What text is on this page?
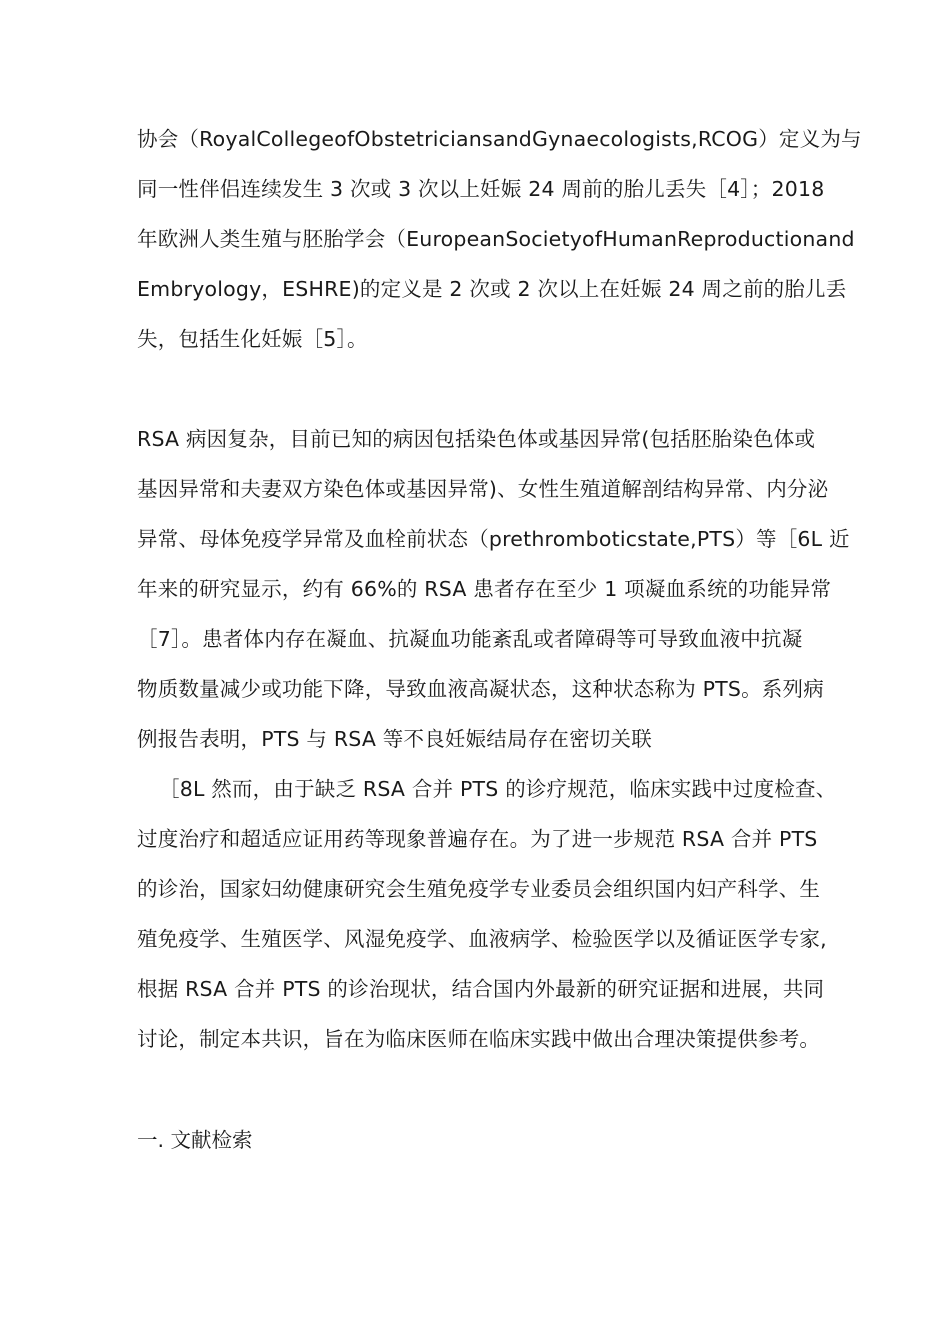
协会（RoyalCollegeofObstetriciansandGynaecologists,RCOG）定义为与
同一性伴侣连续发生 3 次或 3 次以上妊娠 24 周前的胎儿丢失［4］；2018
年欧洲人类生殖与胚胎学会（EuropeanSocietyofHumanReproductionand
Embryology，ESHRE)的定义是 2 次或 2 次以上在妊娠 24 周之前的胎儿丢
失，包括生化妊娠［5］。
RSA 病因复杂，目前已知的病因包括染色体或基因异常(包括胚胎染色体或
基因异常和夫妻双方染色体或基因异常)、女性生殖道解剖结构异常、内分泌
异常、母体免疫学异常及血栓前状态（prethromboticstate,PTS）等［6L 近
年来的研究显示，约有 66%的 RSA 患者存在至少 1 项凝血系统的功能异常
［7］。患者体内存在凝血、抗凝血功能紊乱或者障碍等可导致血液中抗凝
物质数量减少或功能下降，导致血液高凝状态，这种状态称为 PTS。系列病
例报告表明，PTS 与 RSA 等不良妊娠结局存在密切关联
［8L 然而，由于缺乏 RSA 合并 PTS 的诊疗规范，临床实践中过度检查、
过度治疗和超适应证用药等现象普遍存在。为了进一步规范 RSA 合并 PTS
的诊治，国家妇幼健康研究会生殖免疫学专业委员会组织国内妇产科学、生
殖免疫学、生殖医学、风湿免疫学、血液病学、检验医学以及循证医学专家,
根据 RSA 合并 PTS 的诊治现状，结合国内外最新的研究证据和进展，共同
讨论，制定本共识，旨在为临床医师在临床实践中做出合理决策提供参考。
一. 文献检索
